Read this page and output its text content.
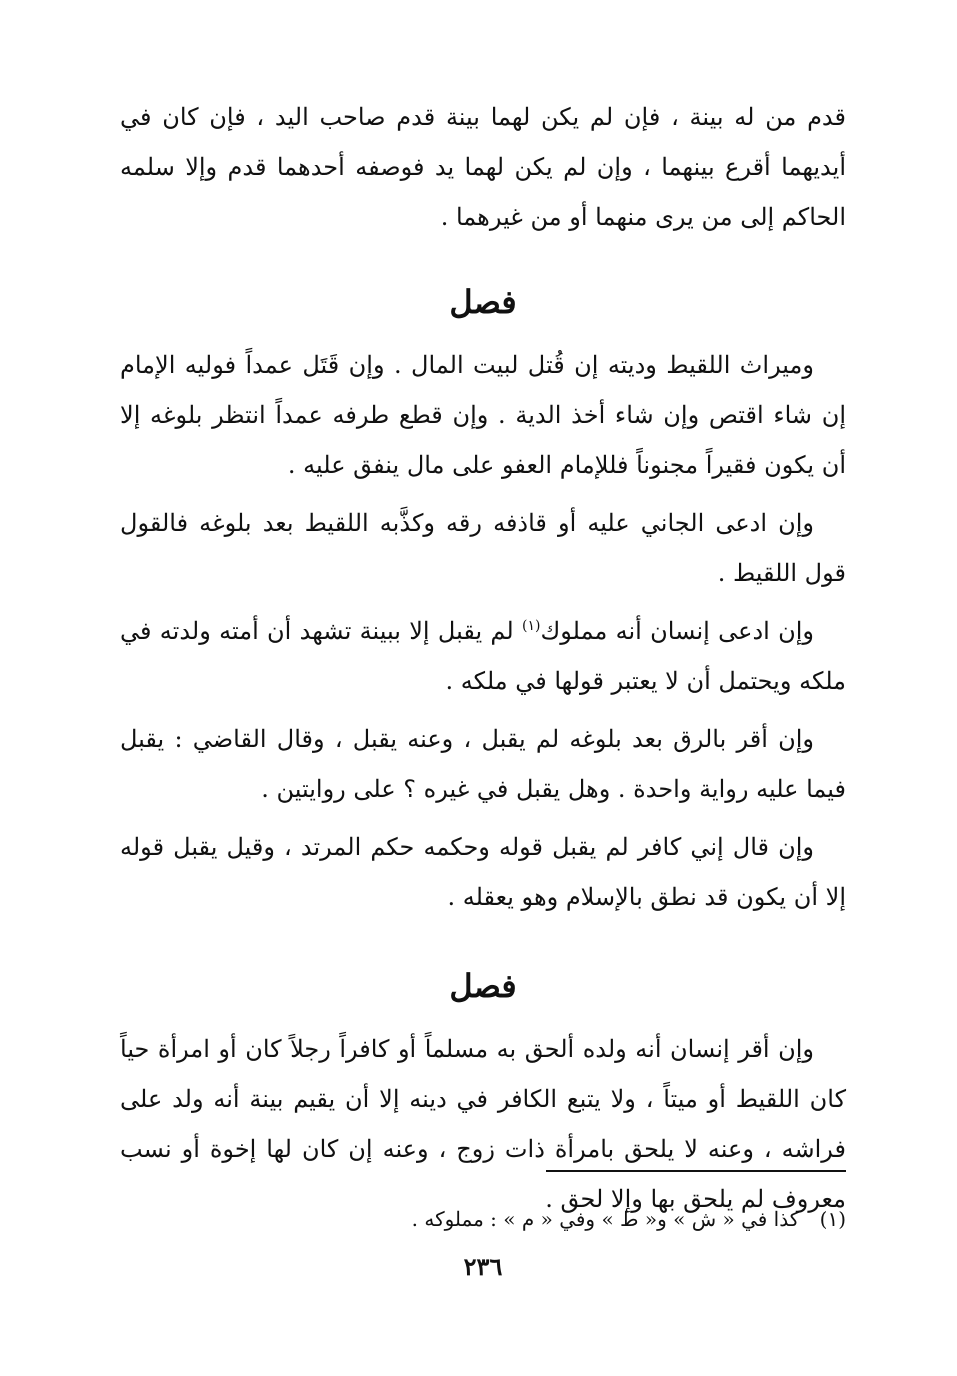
قدم من له بينة ، فإن لم يكن لهما بينة قدم صاحب اليد ، فإن كان في أيديهما أقرع بينهما ، وإن لم يكن لهما يد فوصفه أحدهما قدم وإلا سلمه الحاكم إلى من يرى منهما أو من غيرهما .

فصل

وميراث اللقيط وديته إن قُتل لبيت المال . وإن قَتَل عمداً فوليه الإمام إن شاء اقتص وإن شاء أخذ الدية . وإن قطع طرفه عمداً انتظر بلوغه إلا أن يكون فقيراً مجنوناً فللإمام العفو على مال ينفق عليه .

وإن ادعى الجاني عليه أو قاذفه رقه وكذَّبه اللقيط بعد بلوغه فالقول قول اللقيط .

وإن ادعى إنسان أنه مملوك$^{(١)}$ لم يقبل إلا ببينة تشهد أن أمته ولدته في ملكه ويحتمل أن لا يعتبر قولها في ملكه .

وإن أقر بالرق بعد بلوغه لم يقبل ، وعنه يقبل ، وقال القاضي : يقبل فيما عليه رواية واحدة . وهل يقبل في غيره ؟ على روايتين .

وإن قال إني كافر لم يقبل قوله وحكمه حكم المرتد ، وقيل يقبل قوله إلا أن يكون قد نطق بالإسلام وهو يعقله .

فصل

وإن أقر إنسان أنه ولده ألحق به مسلماً أو كافراً رجلاً كان أو امرأة حياً كان اللقيط أو ميتاً ، ولا يتبع الكافر في دينه إلا أن يقيم بينة أنه ولد على فراشه ، وعنه لا يلحق بامرأة ذات زوج ، وعنه إن كان لها إخوة أو نسب معروف لم يلحق بها وإلا لحق .

(١) كذا في « ش » و« ط » وفي « م » : مملوكه .
٢٣٦
